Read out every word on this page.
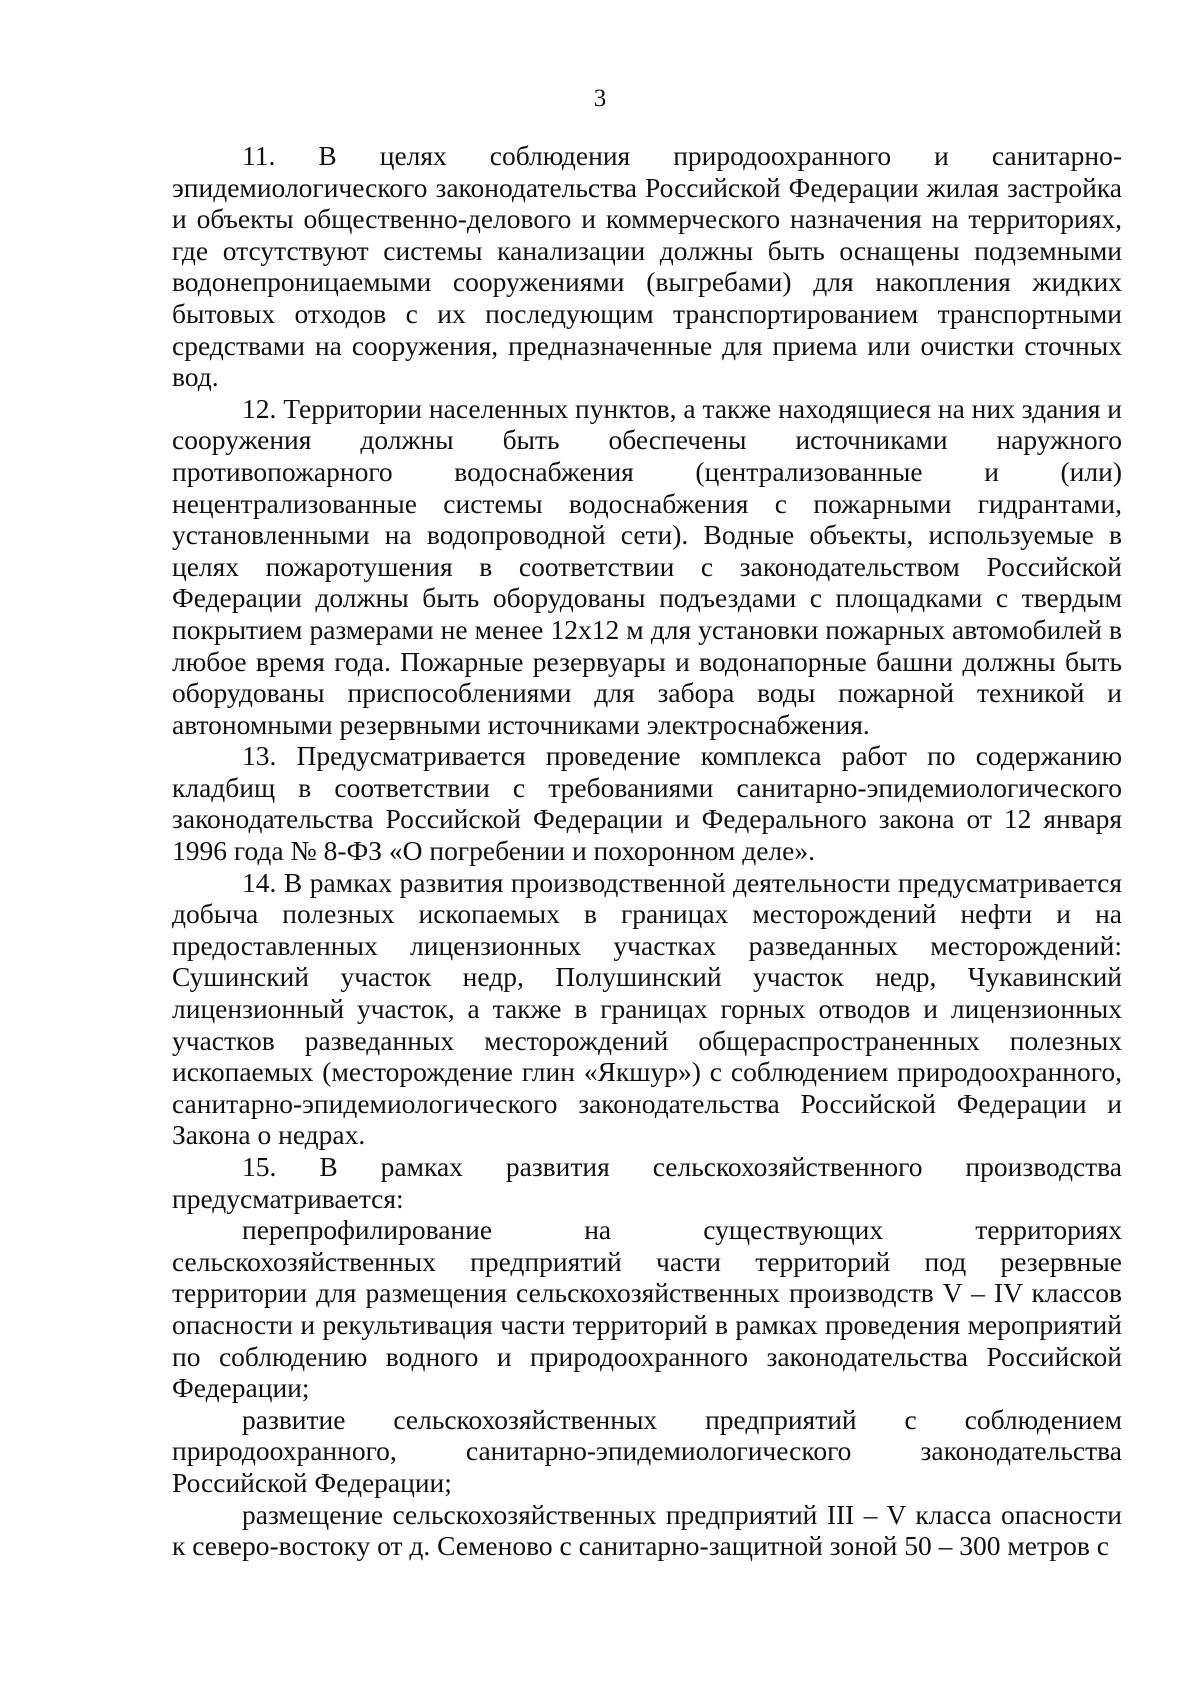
3

11. В целях соблюдения природоохранного и санитарно-эпидемиологического законодательства Российской Федерации жилая застройка и объекты общественно-делового и коммерческого назначения на территориях, где отсутствуют системы канализации должны быть оснащены подземными водонепроницаемыми сооружениями (выгребами) для накопления жидких бытовых отходов с их последующим транспортированием транспортными средствами на сооружения, предназначенные для приема или очистки сточных вод.

12. Территории населенных пунктов, а также находящиеся на них здания и сооружения должны быть обеспечены источниками наружного противопожарного водоснабжения (централизованные и (или) нецентрализованные системы водоснабжения с пожарными гидрантами, установленными на водопроводной сети). Водные объекты, используемые в целях пожаротушения в соответствии с законодательством Российской Федерации должны быть оборудованы подъездами с площадками с твердым покрытием размерами не менее 12х12 м для установки пожарных автомобилей в любое время года. Пожарные резервуары и водонапорные башни должны быть оборудованы приспособлениями для забора воды пожарной техникой и автономными резервными источниками электроснабжения.

13. Предусматривается проведение комплекса работ по содержанию кладбищ в соответствии с требованиями санитарно-эпидемиологического законодательства Российской Федерации и Федерального закона от 12 января 1996 года № 8-ФЗ «О погребении и похоронном деле».

14. В рамках развития производственной деятельности предусматривается добыча полезных ископаемых в границах месторождений нефти и на предоставленных лицензионных участках разведанных месторождений: Сушинский участок недр, Полушинский участок недр, Чукавинский лицензионный участок, а также в границах горных отводов и лицензионных участков разведанных месторождений общераспространенных полезных ископаемых (месторождение глин «Якшур») с соблюдением природоохранного, санитарно-эпидемиологического законодательства Российской Федерации и Закона о недрах.

15. В рамках развития сельскохозяйственного производства предусматривается:

перепрофилирование на существующих территориях сельскохозяйственных предприятий части территорий под резервные территории для размещения сельскохозяйственных производств V – IV классов опасности и рекультивация части территорий в рамках проведения мероприятий по соблюдению водного и природоохранного законодательства Российской Федерации;

развитие сельскохозяйственных предприятий с соблюдением природоохранного, санитарно-эпидемиологического законодательства Российской Федерации;

размещение сельскохозяйственных предприятий III – V класса опасности к северо-востоку от д. Семеново с санитарно-защитной зоной 50 – 300 метров с
